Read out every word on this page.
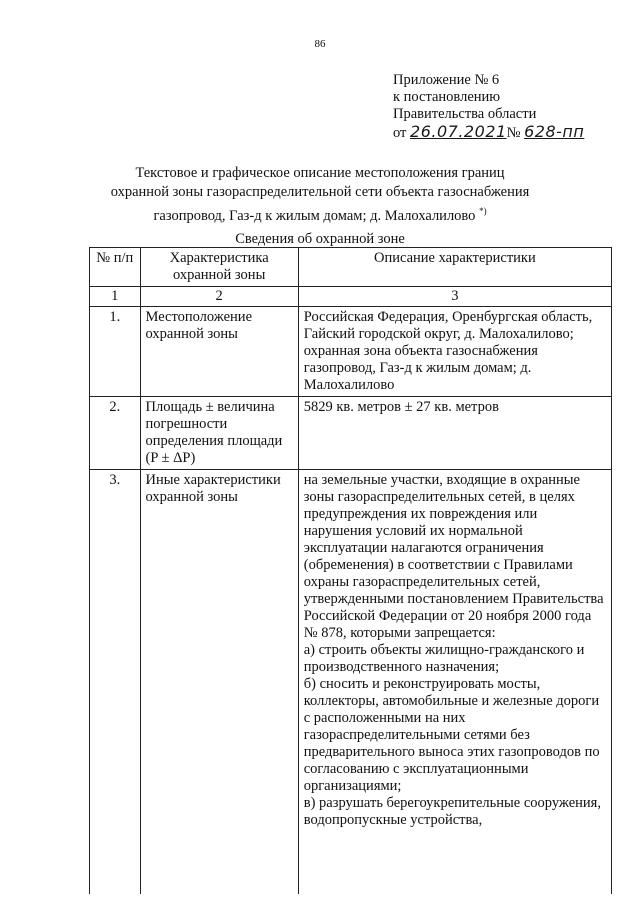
86
Приложение № 6
к постановлению
Правительства области
от 26.07.2021№ 628-пп
Текстовое и графическое описание местоположения границ
охранной зоны газораспределительной сети объекта газоснабжения
газопровод, Газ-д к жилым домам; д. Малохалилово *)
Сведения об охранной зоне
№ п/п	Характеристика охранной зоны	Описание характеристики
1	2	3
1.	Местоположение охранной зоны	Российская Федерация, Оренбургская область, Гайский городской округ, д. Малохалилово; охранная зона объекта газоснабжения газопровод, Газ-д к жилым домам; д. Малохалилово
2.	Площадь ± величина погрешности определения площади (P ± ΔP)	5829 кв. метров ± 27 кв. метров
3.	Иные характеристики охранной зоны	на земельные участки, входящие в охранные зоны газораспределительных сетей, в целях предупреждения их повреждения или нарушения условий их нормальной эксплуатации налагаются ограничения (обременения) в соответствии с Правилами охраны газораспределительных сетей, утвержденными постановлением Правительства Российской Федерации от 20 ноября 2000 года № 878, которыми запрещается:
а) строить объекты жилищно-гражданского и производственного назначения;
б) сносить и реконструировать мосты, коллекторы, автомобильные и железные дороги с расположенными на них газораспределительными сетями без предварительного выноса этих газопроводов по согласованию с эксплуатационными организациями;
в) разрушать берегоукрепительные сооружения, водопропускные устройства,
